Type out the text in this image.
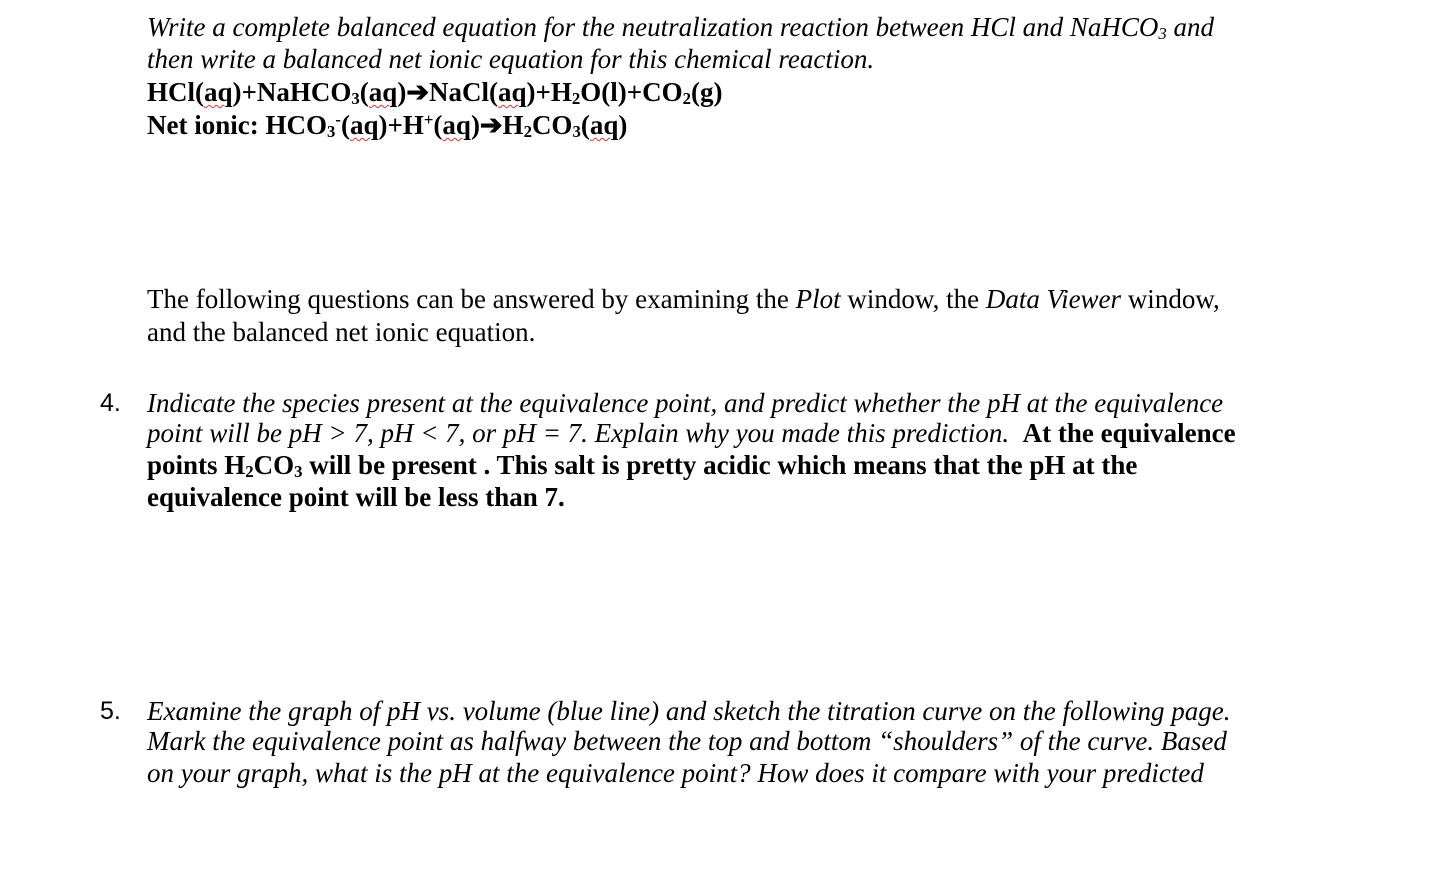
Write a complete balanced equation for the neutralization reaction between HCl and NaHCO$_3$ and
then write a balanced net ionic equation for this chemical reaction.
$HCl(aq)+NaHCO_3(aq)➔NaCl(aq)+H_2O(l)+CO_2(g)$
Net ionic: $HCO_3^-(aq)+H^+(aq)➔H_2CO_3(aq)$
The following questions can be answered by examining the Plot window, the Data Viewer window,
and the balanced net ionic equation.
4. Indicate the species present at the equivalence point, and predict whether the pH at the equivalence
point will be pH > 7, pH < 7, or pH = 7. Explain why you made this prediction. At the equivalence
points $H_2CO_3$ will be present . This salt is pretty acidic which means that the pH at the
equivalence point will be less than 7.
5. Examine the graph of pH vs. volume (blue line) and sketch the titration curve on the following page.
Mark the equivalence point as halfway between the top and bottom “shoulders” of the curve. Based
on your graph, what is the pH at the equivalence point? How does it compare with your predicted
